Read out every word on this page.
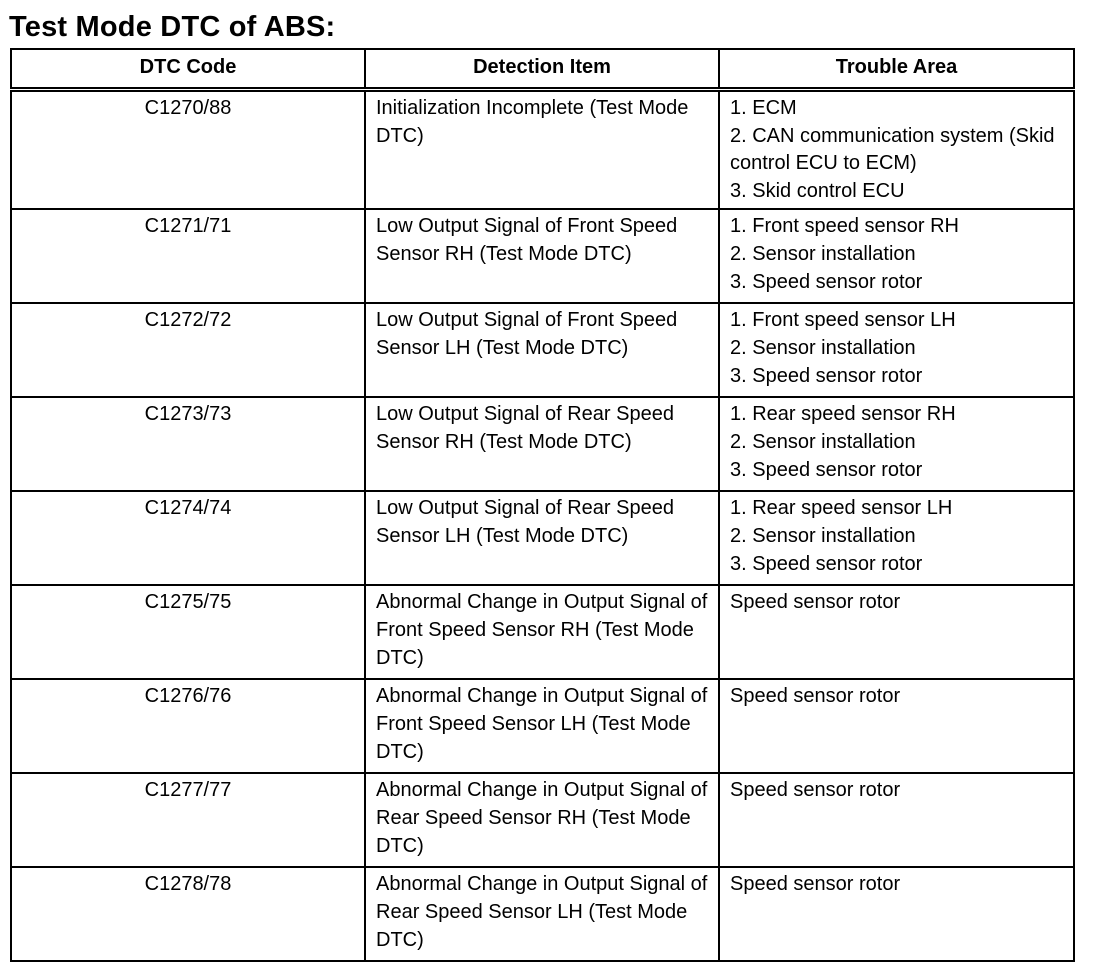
Test Mode DTC of ABS:
DTC Code	Detection Item	Trouble Area
C1270/88	Initialization Incomplete (Test Mode DTC)	1. ECM
2. CAN communication system (Skid control ECU to ECM)
3. Skid control ECU

C1271/71	Low Output Signal of Front Speed Sensor RH (Test Mode DTC)	1. Front speed sensor RH
2. Sensor installation
3. Speed sensor rotor

C1272/72	Low Output Signal of Front Speed Sensor LH (Test Mode DTC)	1. Front speed sensor LH
2. Sensor installation
3. Speed sensor rotor

C1273/73	Low Output Signal of Rear Speed Sensor RH (Test Mode DTC)	1. Rear speed sensor RH
2. Sensor installation
3. Speed sensor rotor

C1274/74	Low Output Signal of Rear Speed Sensor LH (Test Mode DTC)	1. Rear speed sensor LH
2. Sensor installation
3. Speed sensor rotor

C1275/75	Abnormal Change in Output Signal of Front Speed Sensor RH (Test Mode DTC)	Speed sensor rotor

C1276/76	Abnormal Change in Output Signal of Front Speed Sensor LH (Test Mode DTC)	Speed sensor rotor

C1277/77	Abnormal Change in Output Signal of Rear Speed Sensor RH (Test Mode DTC)	Speed sensor rotor

C1278/78	Abnormal Change in Output Signal of Rear Speed Sensor LH (Test Mode DTC)	Speed sensor rotor
